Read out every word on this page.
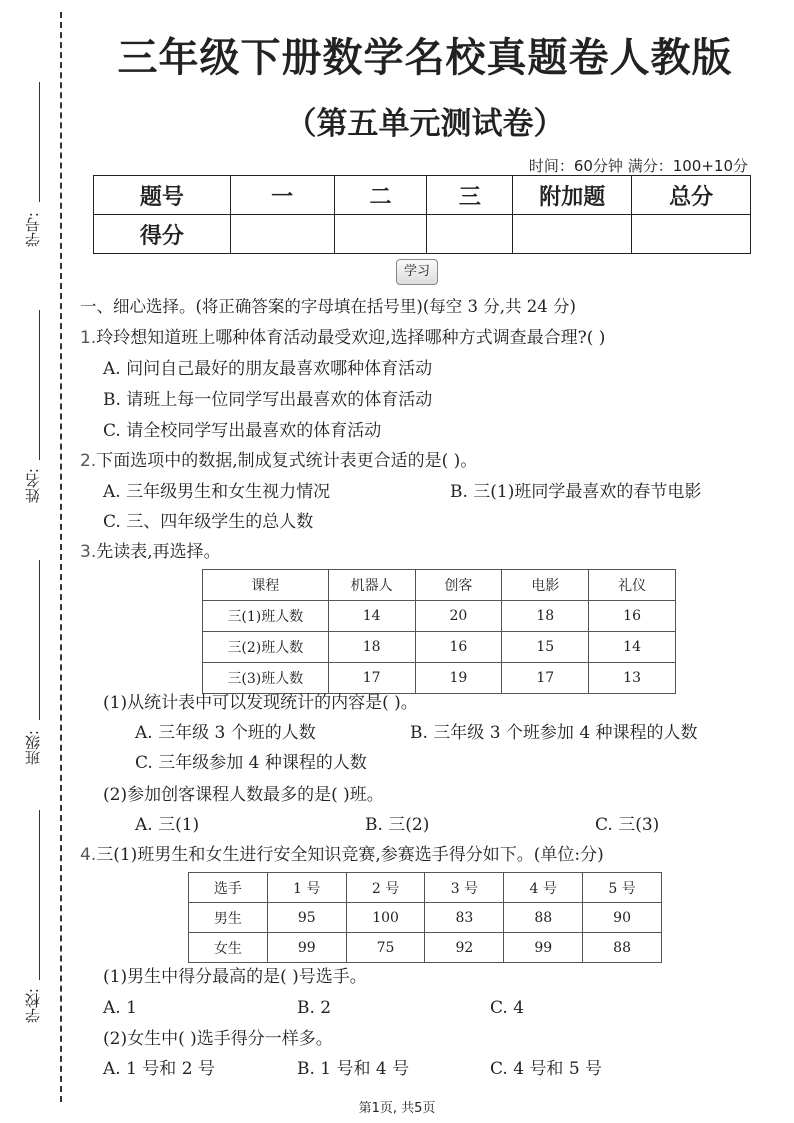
学号:
姓名:
班级:
学校:
三年级下册数学名校真题卷人教版
（第五单元测试卷）
时间：60分钟 满分：100+10分
题号	一	二	三	附加题	总分
得分					
学习
一、细心选择。(将正确答案的字母填在括号里)(每空 3 分,共 24 分)
1.玲玲想知道班上哪种体育活动最受欢迎,选择哪种方式调查最合理?( )
A. 问问自己最好的朋友最喜欢哪种体育活动
B. 请班上每一位同学写出最喜欢的体育活动
C. 请全校同学写出最喜欢的体育活动
2.下面选项中的数据,制成复式统计表更合适的是( )。
A. 三年级男生和女生视力情况	B. 三(1)班同学最喜欢的春节电影
C. 三、四年级学生的总人数
3.先读表,再选择。
课程	机器人	创客	电影	礼仪
三(1)班人数	14	20	18	16
三(2)班人数	18	16	15	14
三(3)班人数	17	19	17	13
(1)从统计表中可以发现统计的内容是( )。
A. 三年级 3 个班的人数	B. 三年级 3 个班参加 4 种课程的人数
C. 三年级参加 4 种课程的人数
(2)参加创客课程人数最多的是( )班。
A. 三(1)	B. 三(2)	C. 三(3)
4.三(1)班男生和女生进行安全知识竞赛,参赛选手得分如下。(单位:分)
选手	1 号	2 号	3 号	4 号	5 号
男生	95	100	83	88	90
女生	99	75	92	99	88
(1)男生中得分最高的是( )号选手。
A. 1	B. 2	C. 4
(2)女生中( )选手得分一样多。
A. 1 号和 2 号	B. 1 号和 4 号	C. 4 号和 5 号
第1页, 共5页
